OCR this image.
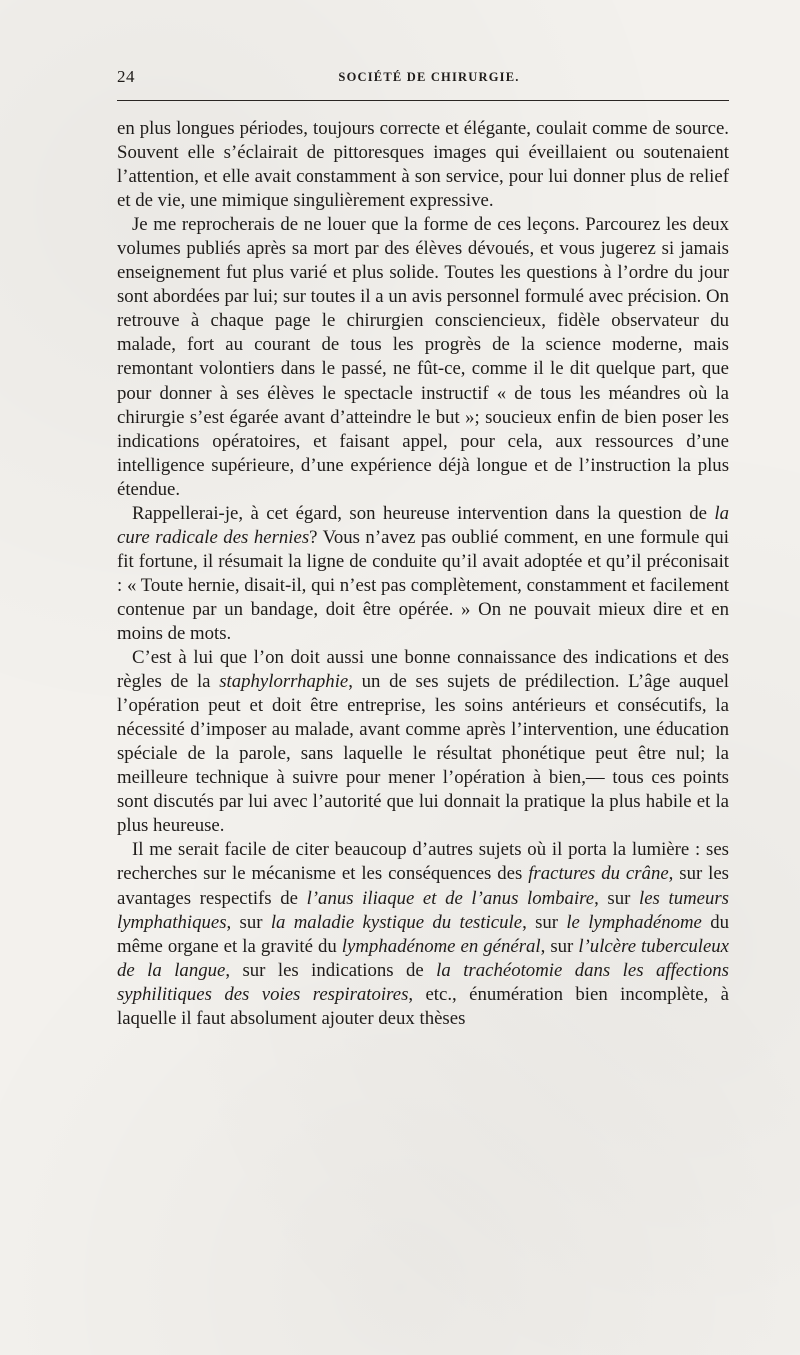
24	SOCIÉTÉ DE CHIRURGIE.

en plus longues périodes, toujours correcte et élégante, coulait comme de source. Souvent elle s’éclairait de pittoresques images qui éveillaient ou soutenaient l’attention, et elle avait constamment à son service, pour lui donner plus de relief et de vie, une mimique singulièrement expressive.

Je me reprocherais de ne louer que la forme de ces leçons. Parcourez les deux volumes publiés après sa mort par des élèves dévoués, et vous jugerez si jamais enseignement fut plus varié et plus solide. Toutes les questions à l’ordre du jour sont abordées par lui; sur toutes il a un avis personnel formulé avec précision. On retrouve à chaque page le chirurgien consciencieux, fidèle observateur du malade, fort au courant de tous les progrès de la science moderne, mais remontant volontiers dans le passé, ne fût-ce, comme il le dit quelque part, que pour donner à ses élèves le spectacle instructif « de tous les méandres où la chirurgie s’est égarée avant d’atteindre le but »; soucieux enfin de bien poser les indications opératoires, et faisant appel, pour cela, aux ressources d’une intelligence supérieure, d’une expérience déjà longue et de l’instruction la plus étendue.

Rappellerai-je, à cet égard, son heureuse intervention dans la question de la cure radicale des hernies? Vous n’avez pas oublié comment, en une formule qui fit fortune, il résumait la ligne de conduite qu’il avait adoptée et qu’il préconisait : « Toute hernie, disait-il, qui n’est pas complètement, constamment et facilement contenue par un bandage, doit être opérée. » On ne pouvait mieux dire et en moins de mots.

C’est à lui que l’on doit aussi une bonne connaissance des indications et des règles de la staphylorrhaphie, un de ses sujets de prédilection. L’âge auquel l’opération peut et doit être entreprise, les soins antérieurs et consécutifs, la nécessité d’imposer au malade, avant comme après l’intervention, une éducation spéciale de la parole, sans laquelle le résultat phonétique peut être nul; la meilleure technique à suivre pour mener l’opération à bien,— tous ces points sont discutés par lui avec l’autorité que lui donnait la pratique la plus habile et la plus heureuse.

Il me serait facile de citer beaucoup d’autres sujets où il porta la lumière : ses recherches sur le mécanisme et les conséquences des fractures du crâne, sur les avantages respectifs de l’anus iliaque et de l’anus lombaire, sur les tumeurs lymphathiques, sur la maladie kystique du testicule, sur le lymphadénome du même organe et la gravité du lymphadénome en général, sur l’ulcère tuberculeux de la langue, sur les indications de la trachéotomie dans les affections syphilitiques des voies respiratoires, etc., énumération bien incomplète, à laquelle il faut absolument ajouter deux thèses
